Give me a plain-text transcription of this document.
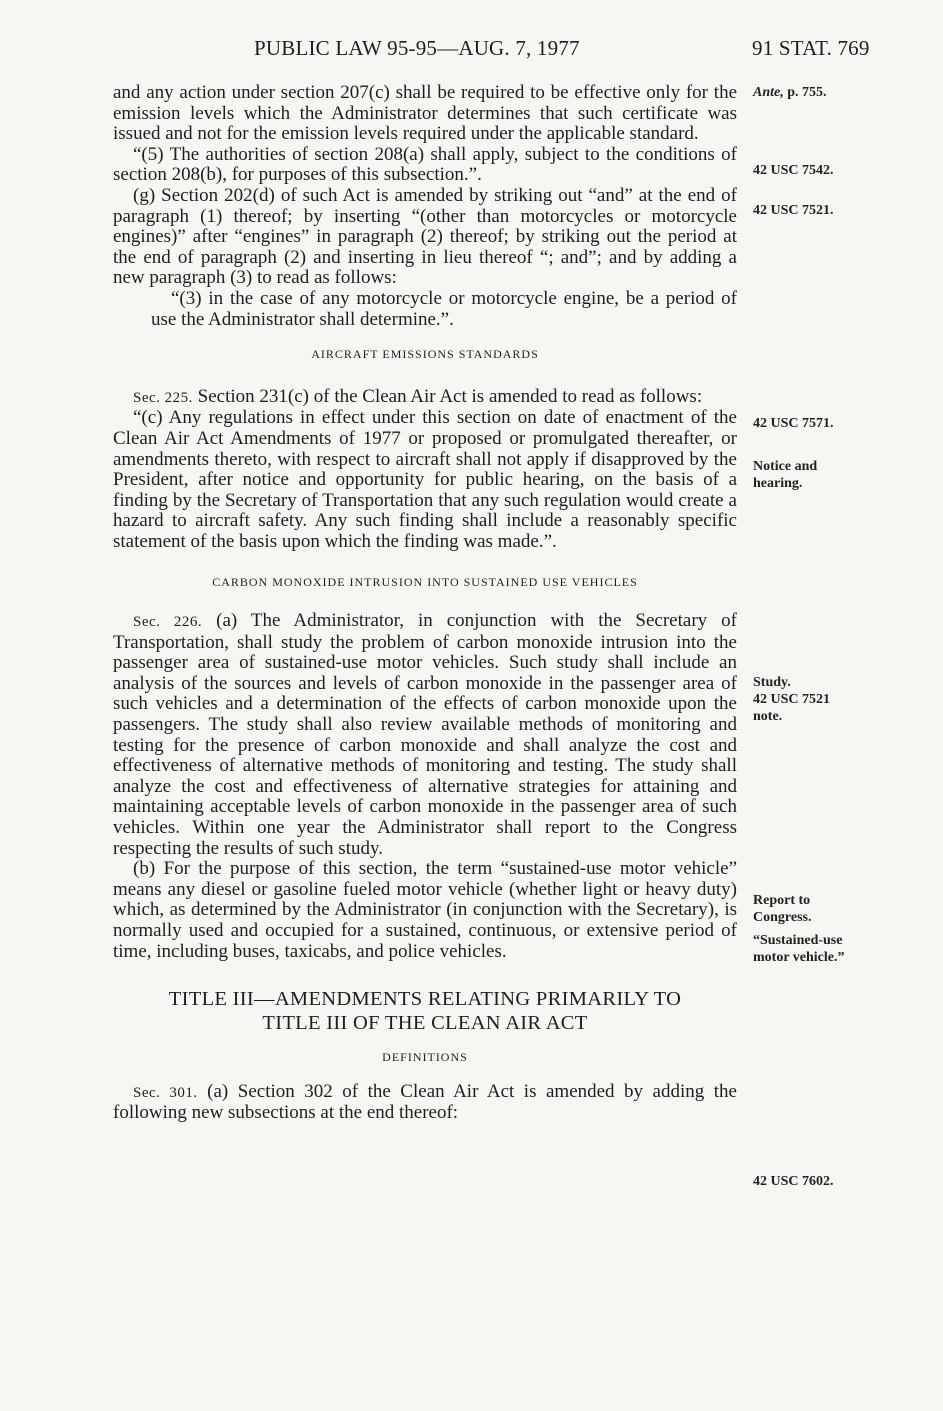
PUBLIC LAW 95-95—AUG. 7, 1977	91 STAT. 769

and any action under section 207(c) shall be required to be effective only for the emission levels which the Administrator determines that such certificate was issued and not for the emission levels required under the applicable standard.

“(5) The authorities of section 208(a) shall apply, subject to the conditions of section 208(b), for purposes of this subsection.”.

(g) Section 202(d) of such Act is amended by striking out “and” at the end of paragraph (1) thereof; by inserting “(other than motorcycles or motorcycle engines)” after “engines” in paragraph (2) thereof; by striking out the period at the end of paragraph (2) and inserting in lieu thereof “; and”; and by adding a new paragraph (3) to read as follows:

“(3) in the case of any motorcycle or motorcycle engine, be a period of use the Administrator shall determine.”.

AIRCRAFT EMISSIONS STANDARDS

Sec. 225. Section 231(c) of the Clean Air Act is amended to read as follows:

“(c) Any regulations in effect under this section on date of enactment of the Clean Air Act Amendments of 1977 or proposed or promulgated thereafter, or amendments thereto, with respect to aircraft shall not apply if disapproved by the President, after notice and opportunity for public hearing, on the basis of a finding by the Secretary of Transportation that any such regulation would create a hazard to aircraft safety. Any such finding shall include a reasonably specific statement of the basis upon which the finding was made.”.

CARBON MONOXIDE INTRUSION INTO SUSTAINED USE VEHICLES

Sec. 226. (a) The Administrator, in conjunction with the Secretary of Transportation, shall study the problem of carbon monoxide intrusion into the passenger area of sustained-use motor vehicles. Such study shall include an analysis of the sources and levels of carbon monoxide in the passenger area of such vehicles and a determination of the effects of carbon monoxide upon the passengers. The study shall also review available methods of monitoring and testing for the presence of carbon monoxide and shall analyze the cost and effectiveness of alternative methods of monitoring and testing. The study shall analyze the cost and effectiveness of alternative strategies for attaining and maintaining acceptable levels of carbon monoxide in the passenger area of such vehicles. Within one year the Administrator shall report to the Congress respecting the results of such study.

(b) For the purpose of this section, the term “sustained-use motor vehicle” means any diesel or gasoline fueled motor vehicle (whether light or heavy duty) which, as determined by the Administrator (in conjunction with the Secretary), is normally used and occupied for a sustained, continuous, or extensive period of time, including buses, taxicabs, and police vehicles.

TITLE III—AMENDMENTS RELATING PRIMARILY TO
TITLE III OF THE CLEAN AIR ACT
DEFINITIONS

Sec. 301. (a) Section 302 of the Clean Air Act is amended by adding the following new subsections at the end thereof:

Ante, p. 755.
42 USC 7542.
42 USC 7521.
42 USC 7571.
Notice and hearing.
Study.
42 USC 7521 note.
Report to Congress.
“Sustained-use motor vehicle.”
42 USC 7602.
